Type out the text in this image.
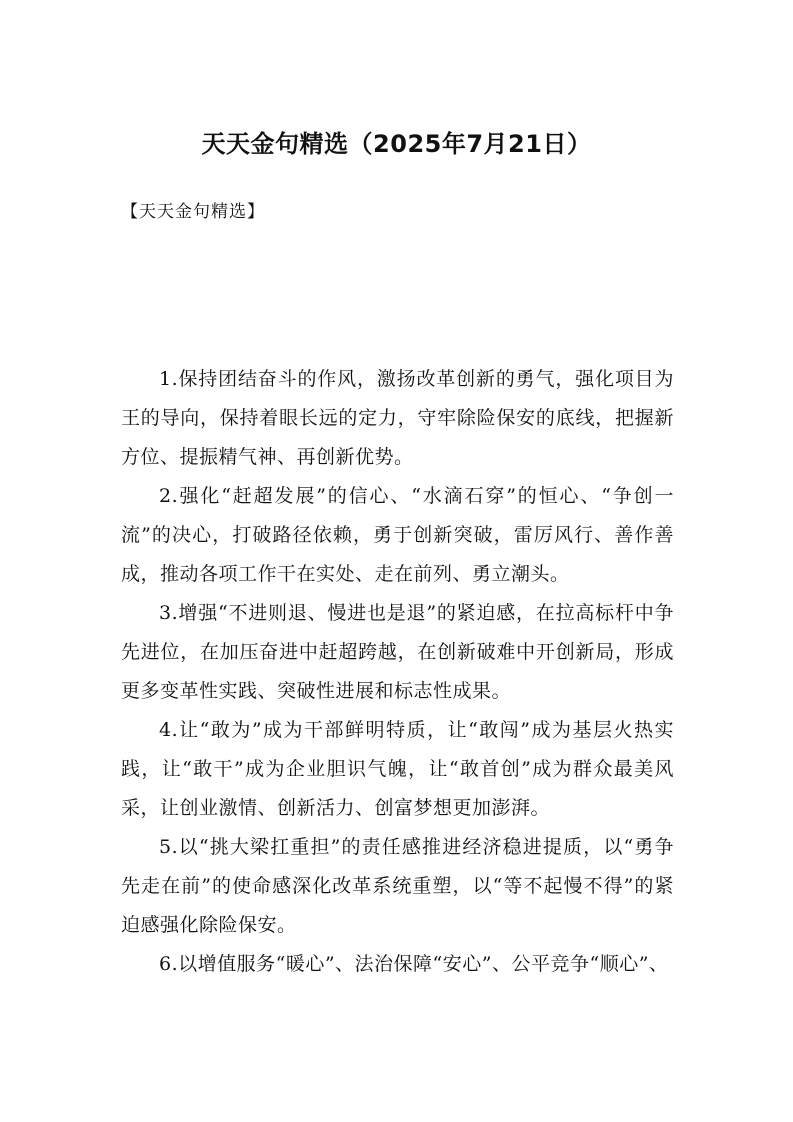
天天金句精选（2025年7月21日）

【天天金句精选】

1.保持团结奋斗的作风，激扬改革创新的勇气，强化项目为王的导向，保持着眼长远的定力，守牢除险保安的底线，把握新方位、提振精气神、再创新优势。

2.强化“赶超发展”的信心、“水滴石穿”的恒心、“争创一流”的决心，打破路径依赖，勇于创新突破，雷厉风行、善作善成，推动各项工作干在实处、走在前列、勇立潮头。

3.增强“不进则退、慢进也是退”的紧迫感，在拉高标杆中争先进位，在加压奋进中赶超跨越，在创新破难中开创新局，形成更多变革性实践、突破性进展和标志性成果。

4.让“敢为”成为干部鲜明特质，让“敢闯”成为基层火热实践，让“敢干”成为企业胆识气魄，让“敢首创”成为群众最美风采，让创业激情、创新活力、创富梦想更加澎湃。

5.以“挑大梁扛重担”的责任感推进经济稳进提质，以“勇争先走在前”的使命感深化改革系统重塑，以“等不起慢不得”的紧迫感强化除险保安。

6.以增值服务“暖心”、法治保障“安心”、公平竞争“顺心”、
